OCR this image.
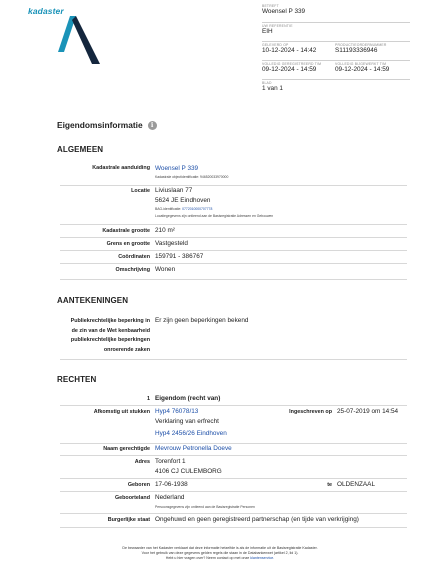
kadaster	BETREFT
Woensel P 339
UW REFERENTIE
EIH
GELEVERD OP
10-12-2024 - 14:42
PRODUCTIEORDERNUMMER
S11193336946
VOLLEDIG GEREGISTREERD T/M
09-12-2024 - 14:59
VOLLEDIG BIJGEWERKT T/M
09-12-2024 - 14:59
BLAD
1 van 1
Eigendomsinformatie	i
ALGEMEEN
Kadastrale aanduiding Woensel P 339
Kadastrale objectidentificatie: 946520033970000
Locatie Liviuslaan 77
5624 JE Eindhoven
BAG-identificatie: 0772010000707778
Locatiegegevens zijn ontleend aan de Basisregistratie Adressen en Gebouwen
Kadastrale grootte 210 m²
Grens en grootte Vastgesteld
Coördinaten 159791 - 386767
Omschrijving Wonen
AANTEKENINGEN
Publiekrechtelijke beperking in
de zin van de Wet kenbaarheid
publiekrechtelijke beperkingen
onroerende zaken
Er zijn geen beperkingen bekend
RECHTEN
1 Eigendom (recht van)
Afkomstig uit stukken Hyp4 76078/13
Verklaring van erfrecht
Hyp4 2456/26 Eindhoven
Ingeschreven op 25-07-2019 om 14:54
Naam gerechtigde Mevrouw Petronella Doeve
Adres Torenfort 1
4106 CJ CULEMBORG
Geboren 17-06-1938	te OLDENZAAL
Geboorteland Nederland
Persoonsgegevens zijn ontleend aan de Basisregistratie Personen
Burgerlijke staat Ongehuwd en geen geregistreerd partnerschap (en tijde van verkrijging)
De bewaarder van het Kadaster verklaart dat deze informatie hetzelfde is als de informatie uit de Basisregistratie Kadaster.
Voor het gebruik van deze gegevens gelden regels die staan in de Databankenwet (artikel 2, lid 1).
Hebt u hier vragen over? Neem contact op met onze klantenservice.
